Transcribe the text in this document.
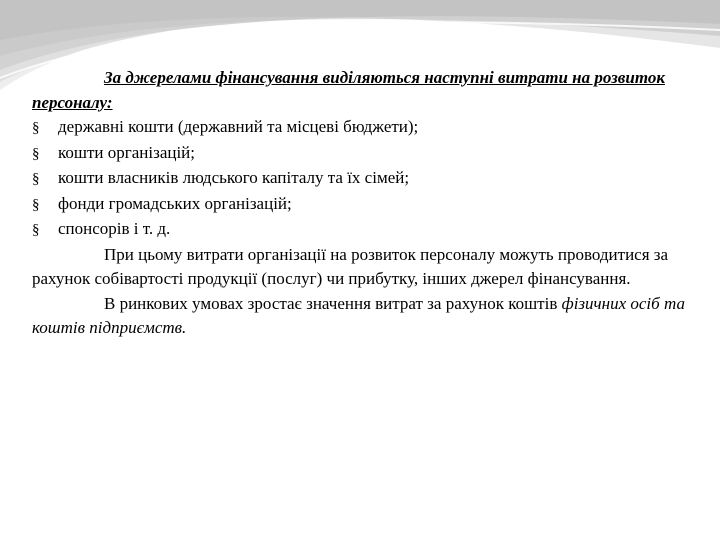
За джерелами фінансування виділяються наступні витрати на розвиток персоналу:

§	державні кошти (державний та місцеві бюджети);
§	кошти організацій;
§	кошти власників людського капіталу та їх сімей;
§	фонди громадських організацій;
§	спонсорів і т. д.

При цьому витрати організації на розвиток персоналу можуть проводитися за рахунок собівартості продукції (послуг) чи прибутку, інших джерел фінансування.

В ринкових умовах зростає значення витрат за рахунок коштів фізичних осіб та коштів підприємств.
